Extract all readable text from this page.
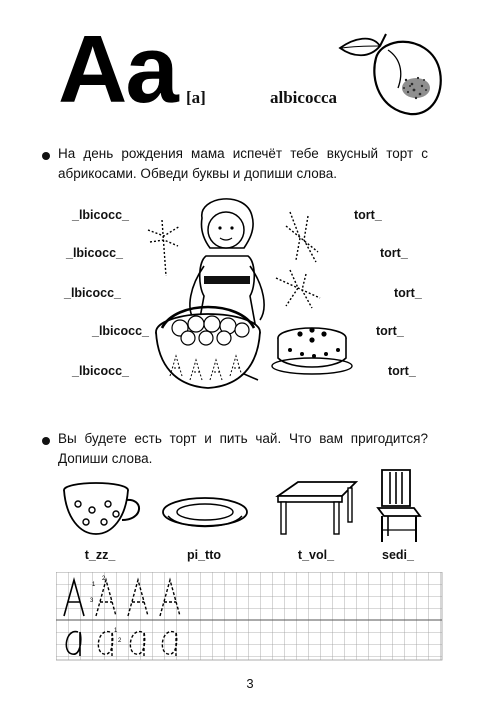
Aa [a]	albicocca
На день рождения мама испечёт тебе вкусный торт с абрикосами. Обведи буквы и допиши слова.
_lbicocc_
_lbicocc_
_lbicocc_
_lbicocc_
_lbicocc_
tort_
tort_
tort_
tort_
tort_
Вы будете есть торт и пить чай. Что вам пригодится? Допиши слова.
t_zz_	pi_tto	t_vol_	sedi_
1
2
3
1
2
3
